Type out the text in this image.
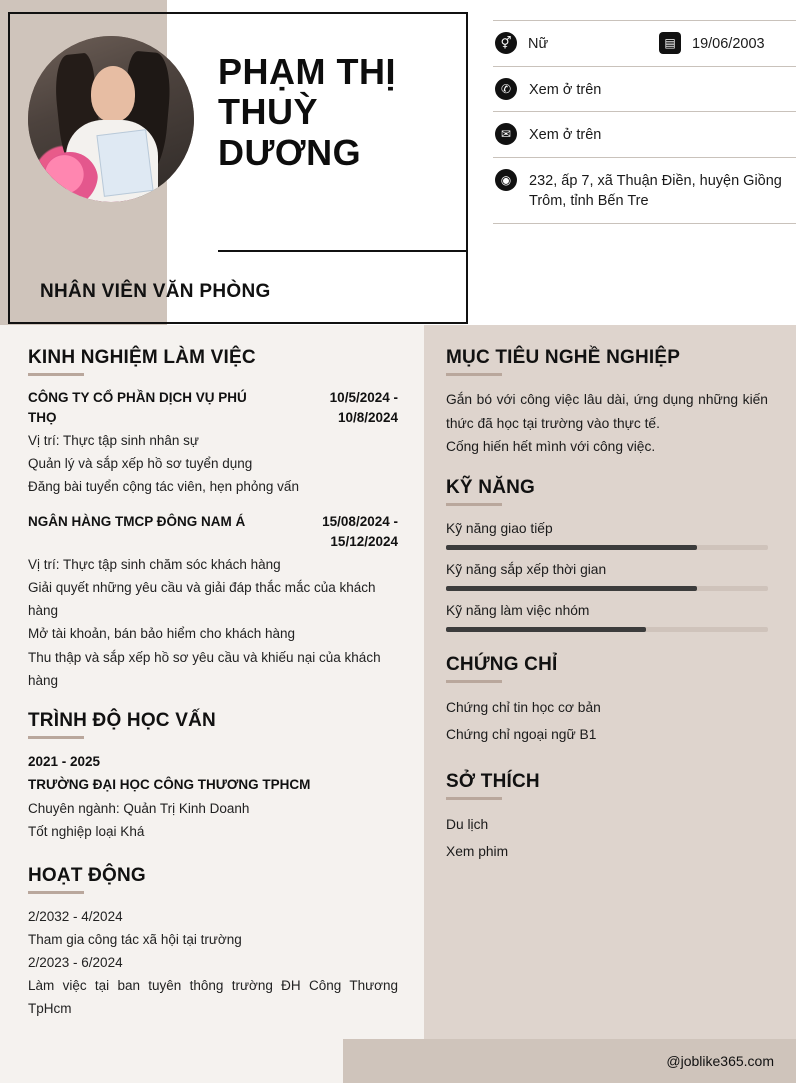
PHẠM THỊ THUỲ DƯƠNG
NHÂN VIÊN VĂN PHÒNG
⚥	Nữ	▤	19/06/2003
✆	Xem ở trên
✉	Xem ở trên
◉	232, ấp 7, xã Thuận Điền, huyện Giồng Trôm, tỉnh Bến Tre
KINH NGHIỆM LÀM VIỆC
CÔNG TY CỔ PHẦN DỊCH VỤ PHÚ THỌ
10/5/2024 -
10/8/2024

Vị trí: Thực tập sinh nhân sự

Quản lý và sắp xếp hồ sơ tuyển dụng

Đăng bài tuyển cộng tác viên, hẹn phỏng vấn

NGÂN HÀNG TMCP ĐÔNG NAM Á	15/08/2024 -
15/12/2024

Vị trí: Thực tập sinh chăm sóc khách hàng

Giải quyết những yêu cầu và giải đáp thắc mắc của khách hàng

Mở tài khoản, bán bảo hiểm cho khách hàng

Thu thập và sắp xếp hồ sơ yêu cầu và khiếu nại của khách hàng

TRÌNH ĐỘ HỌC VẤN
2021 - 2025
TRƯỜNG ĐẠI HỌC CÔNG THƯƠNG TPHCM

Chuyên ngành: Quản Trị Kinh Doanh

Tốt nghiệp loại Khá

HOẠT ĐỘNG
2/2032 - 4/2024
Tham gia công tác xã hội tại trường
2/2023 - 6/2024
Làm việc tại ban tuyên thông trường ĐH Công Thương TpHcm
MỤC TIÊU NGHỀ NGHIỆP

Gắn bó với công việc lâu dài, ứng dụng những kiến thức đã học tại trường vào thực tế.

Cống hiến hết mình với công việc.

KỸ NĂNG
Kỹ năng giao tiếp
Kỹ năng sắp xếp thời gian
Kỹ năng làm việc nhóm
CHỨNG CHỈ
Chứng chỉ tin học cơ bản
Chứng chỉ ngoại ngữ B1
SỞ THÍCH
Du lịch
Xem phim
@joblike365.com
